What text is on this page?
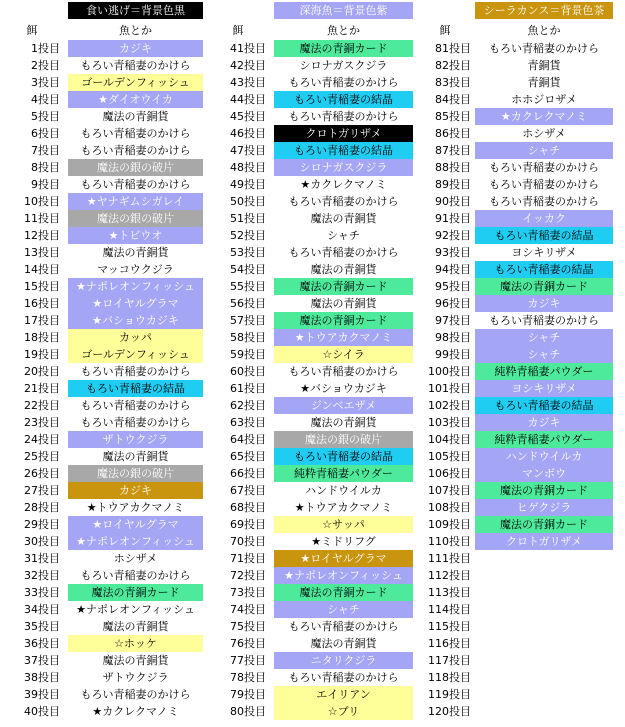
食い逃げ＝背景色黒
餌	魚とか
1投目	カジキ
2投目	もろい青稲妻のかけら
3投目	ゴールデンフィッシュ
4投目	★ダイオウイカ
5投目	魔法の青銅貨
6投目	もろい青稲妻のかけら
7投目	もろい青稲妻のかけら
8投目	魔法の銀の破片
9投目	もろい青稲妻のかけら
10投目	★ヤナギムシガレイ
11投目	魔法の銀の破片
12投目	★トビウオ
13投目	魔法の青銅貨
14投目	マッコウクジラ
15投目	★ナポレオンフィッシュ
16投目	★ロイヤルグラマ
17投目	★バショウカジキ
18投目	カッパ
19投目	ゴールデンフィッシュ
20投目	もろい青稲妻のかけら
21投目	もろい青稲妻の結晶
22投目	もろい青稲妻のかけら
23投目	もろい青稲妻のかけら
24投目	ザトウクジラ
25投目	魔法の青銅貨
26投目	魔法の銀の破片
27投目	カジキ
28投目	★トウアカクマノミ
29投目	★ロイヤルグラマ
30投目	★ナポレオンフィッシュ
31投目	ホシザメ
32投目	もろい青稲妻のかけら
33投目	魔法の青銅カード
34投目	★ナポレオンフィッシュ
35投目	魔法の青銅貨
36投目	☆ホッケ
37投目	魔法の青銅貨
38投目	ザトウクジラ
39投目	もろい青稲妻のかけら
40投目	★カクレクマノミ
深海魚＝背景色紫
餌	魚とか
41投目	魔法の青銅カード
42投目	シロナガスクジラ
43投目	もろい青稲妻のかけら
44投目	もろい青稲妻の結晶
45投目	もろい青稲妻のかけら
46投目	クロトガリザメ
47投目	もろい青稲妻の結晶
48投目	シロナガスクジラ
49投目	★カクレクマノミ
50投目	もろい青稲妻のかけら
51投目	魔法の青銅貨
52投目	シャチ
53投目	もろい青稲妻のかけら
54投目	魔法の青銅貨
55投目	魔法の青銅カード
56投目	魔法の青銅貨
57投目	魔法の青銅カード
58投目	★トウアカクマノミ
59投目	☆シイラ
60投目	もろい青稲妻のかけら
61投目	★バショウカジキ
62投目	ジンベエザメ
63投目	魔法の青銅貨
64投目	魔法の銀の破片
65投目	もろい青稲妻の結晶
66投目	純粋青稲妻パウダー
67投目	ハンドウイルカ
68投目	★トウアカクマノミ
69投目	☆サッパ
70投目	★ミドリフグ
71投目	★ロイヤルグラマ
72投目	★ナポレオンフィッシュ
73投目	魔法の青銅カード
74投目	シャチ
75投目	もろい青稲妻のかけら
76投目	魔法の青銅貨
77投目	ニタリクジラ
78投目	もろい青稲妻のかけら
79投目	エイリアン
80投目	☆ブリ
シーラカンス＝背景色茶
餌	魚とか
81投目	もろい青稲妻のかけら
82投目	青銅貨
83投目	青銅貨
84投目	ホホジロザメ
85投目	★カクレクマノミ
86投目	ホシザメ
87投目	シャチ
88投目	もろい青稲妻のかけら
89投目	もろい青稲妻のかけら
90投目	もろい青稲妻のかけら
91投目	イッカク
92投目	もろい青稲妻の結晶
93投目	ヨシキリザメ
94投目	もろい青稲妻の結晶
95投目	魔法の青銅カード
96投目	カジキ
97投目	もろい青稲妻のかけら
98投目	シャチ
99投目	シャチ
100投目	純粋青稲妻パウダー
101投目	ヨシキリザメ
102投目	もろい青稲妻の結晶
103投目	カジキ
104投目	純粋青稲妻パウダー
105投目	ハンドウイルカ
106投目	マンボウ
107投目	魔法の青銅カード
108投目	ヒゲクジラ
109投目	魔法の青銅カード
110投目	クロトガリザメ
111投目
112投目
113投目
114投目
115投目
116投目
117投目
118投目
119投目
120投目
